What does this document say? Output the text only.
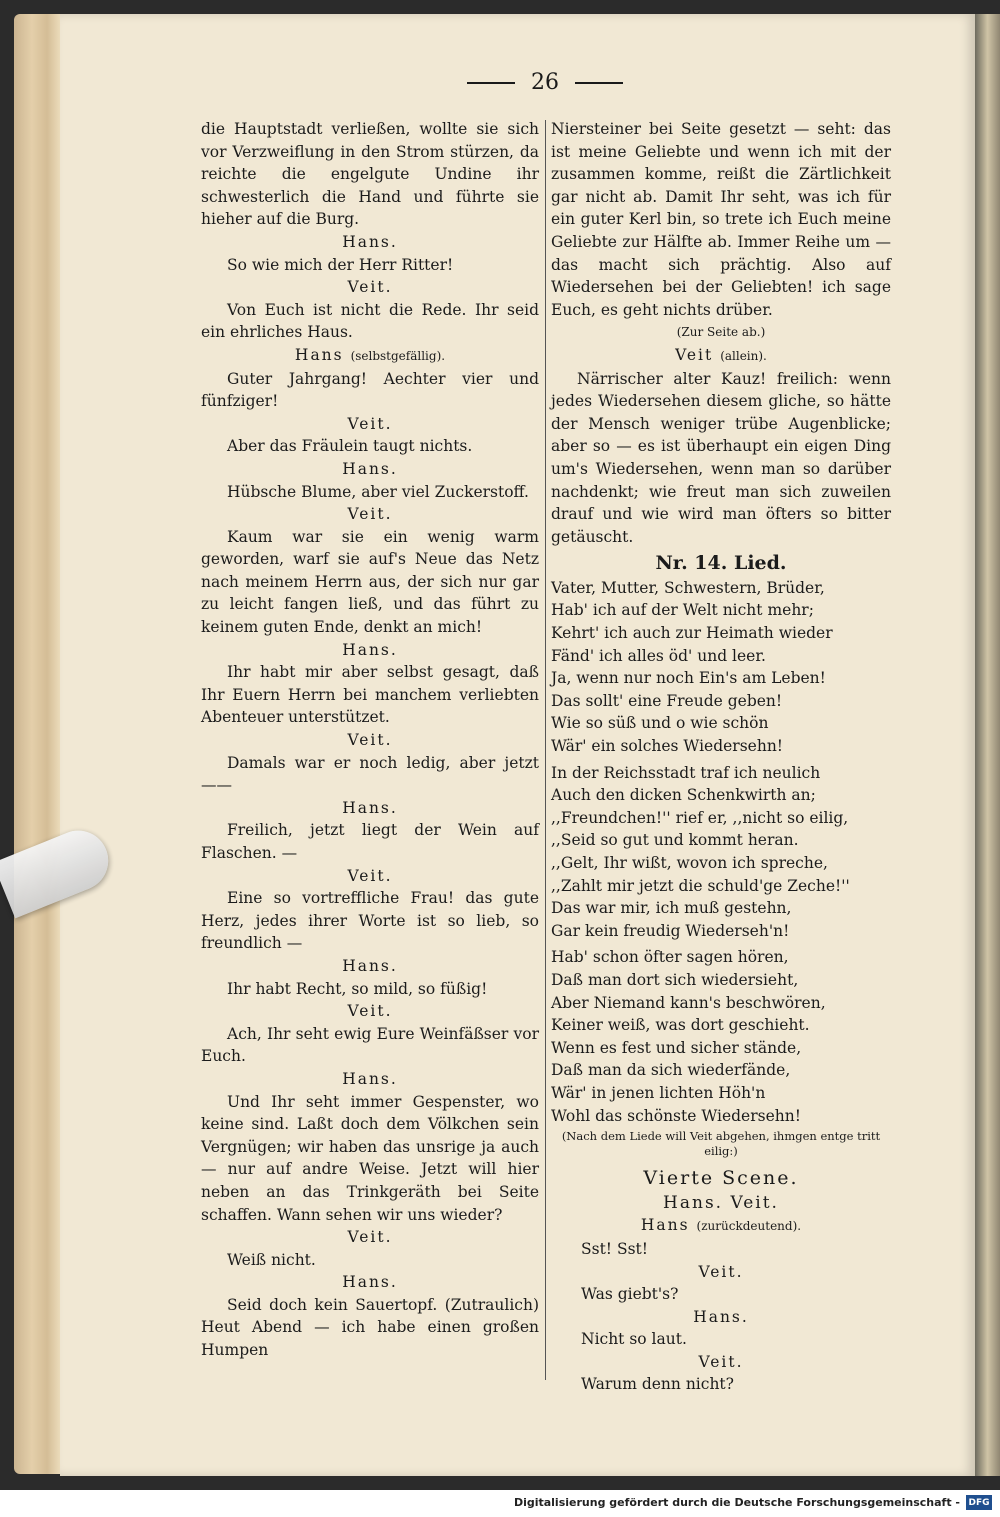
26

die Hauptstadt verließen, wollte sie sich vor Verzweiflung in den Strom stürzen, da reichte die engelgute Undine ihr schwesterlich die Hand und führte sie hieher auf die Burg.

Hans.

So wie mich der Herr Ritter!

Veit.

Von Euch ist nicht die Rede. Ihr seid ein ehrliches Haus.

Hans (selbstgefällig).

Guter Jahrgang! Aechter vier und fünfziger!

Veit.

Aber das Fräulein taugt nichts.

Hans.

Hübsche Blume, aber viel Zuckerstoff.

Veit.

Kaum war sie ein wenig warm geworden, warf sie auf's Neue das Netz nach meinem Herrn aus, der sich nur gar zu leicht fangen ließ, und das führt zu keinem guten Ende, denkt an mich!

Hans.

Ihr habt mir aber selbst gesagt, daß Ihr Euern Herrn bei manchem verliebten Abenteuer unterstützet.

Veit.

Damals war er noch ledig, aber jetzt ——

Hans.

Freilich, jetzt liegt der Wein auf Flaschen. —

Veit.

Eine so vortreffliche Frau! das gute Herz, jedes ihrer Worte ist so lieb, so freundlich —

Hans.

Ihr habt Recht, so mild, so füßig!

Veit.

Ach, Ihr seht ewig Eure Weinfäßser vor Euch.

Hans.

Und Ihr seht immer Gespenster, wo keine sind. Laßt doch dem Völkchen sein Vergnügen; wir haben das unsrige ja auch — nur auf andre Weise. Jetzt will hier neben an das Trinkgeräth bei Seite schaffen. Wann sehen wir uns wieder?

Veit.

Weiß nicht.

Hans.

Seid doch kein Sauertopf. (Zutraulich) Heut Abend — ich habe einen großen Humpen

Niersteiner bei Seite gesetzt — seht: das ist meine Geliebte und wenn ich mit der zusammen komme, reißt die Zärtlichkeit gar nicht ab. Damit Ihr seht, was ich für ein guter Kerl bin, so trete ich Euch meine Geliebte zur Hälfte ab. Immer Reihe um — das macht sich prächtig. Also auf Wiedersehen bei der Geliebten! ich sage Euch, es geht nichts drüber.

(Zur Seite ab.)

Veit (allein).

Närrischer alter Kauz! freilich: wenn jedes Wiedersehen diesem gliche, so hätte der Mensch weniger trübe Augenblicke; aber so — es ist überhaupt ein eigen Ding um's Wiedersehen, wenn man so darüber nachdenkt; wie freut man sich zuweilen drauf und wie wird man öfters so bitter getäuscht.

Nr. 14. Lied.

Vater, Mutter, Schwestern, Brüder,

Hab' ich auf der Welt nicht mehr;

Kehrt' ich auch zur Heimath wieder

Fänd' ich alles öd' und leer.

Ja, wenn nur noch Ein's am Leben!

Das sollt' eine Freude geben!

Wie so süß und o wie schön

Wär' ein solches Wiedersehn!

In der Reichsstadt traf ich neulich

Auch den dicken Schenkwirth an;

,,Freundchen!'' rief er, ,,nicht so eilig,

,,Seid so gut und kommt heran.

,,Gelt, Ihr wißt, wovon ich spreche,

,,Zahlt mir jetzt die schuld'ge Zeche!''

Das war mir, ich muß gestehn,

Gar kein freudig Wiederseh'n!

Hab' schon öfter sagen hören,

Daß man dort sich wiedersieht,

Aber Niemand kann's beschwören,

Keiner weiß, was dort geschieht.

Wenn es fest und sicher stände,

Daß man da sich wiederfände,

Wär' in jenen lichten Höh'n

Wohl das schönste Wiedersehn!

(Nach dem Liede will Veit abgehen, ihmgen entge tritt eilig:)

Vierte Scene.

Hans. Veit.

Hans (zurückdeutend).

Sst! Sst!

Veit.

Was giebt's?

Hans.

Nicht so laut.

Veit.

Warum denn nicht?

Digitalisierung gefördert durch die Deutsche Forschungsgemeinschaft - DFG
